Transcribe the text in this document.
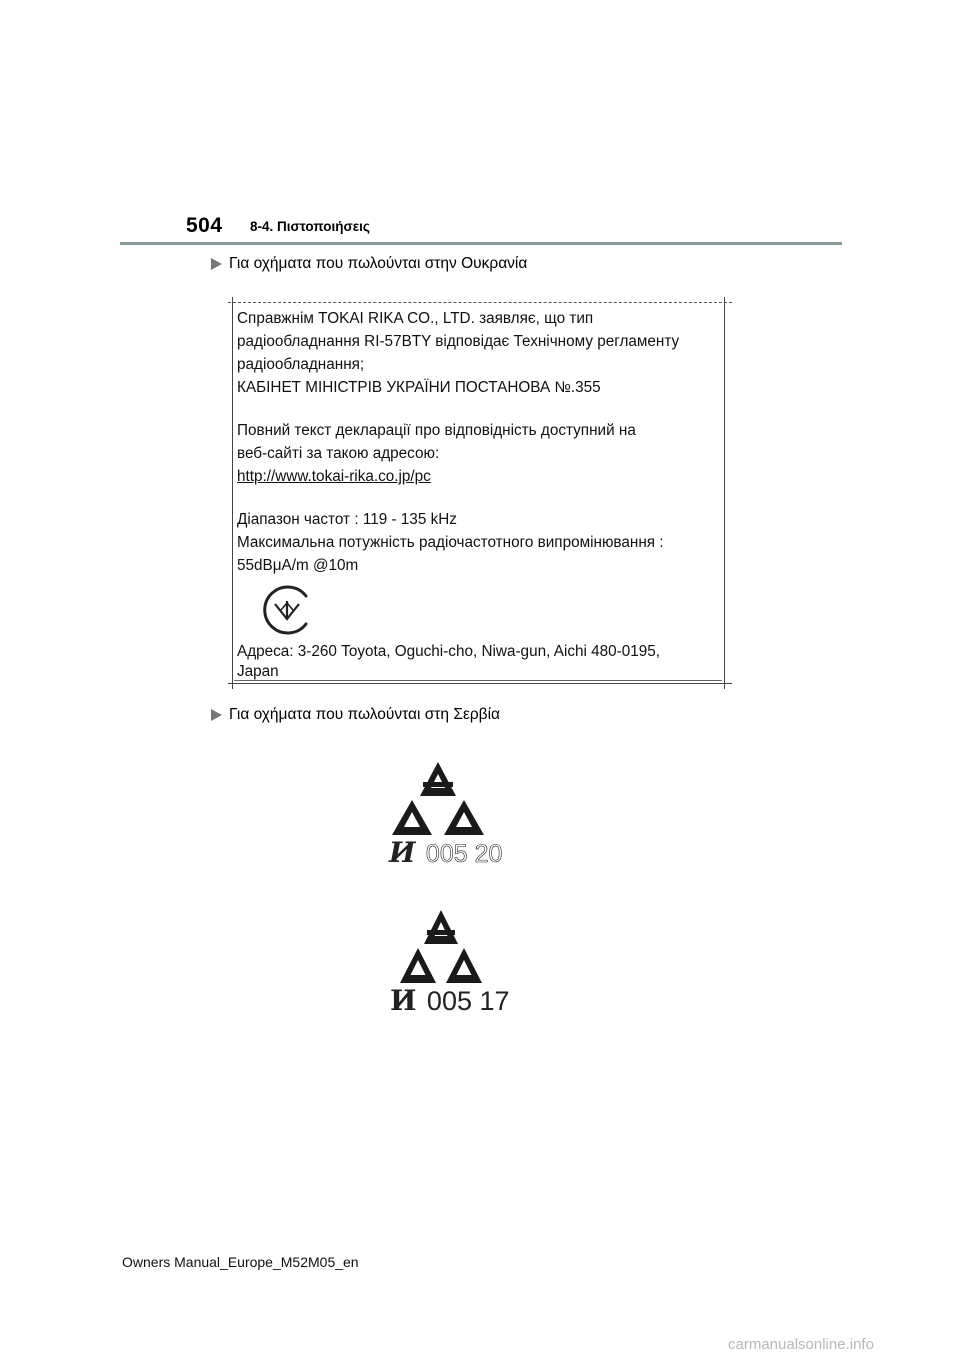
504 8-4. Πιστοποιήσεις
Για οχήματα που πωλούνται στην Ουκρανία
Справжнім TOKAI RIKA CO., LTD. заявляє, що тип
радіообладнання RI-57BTY відповідає Технічному регламенту
радіообладнання;
КАБІНЕТ МІНІСТРІВ УКРАЇНИ ПОСТАНОВА №.355
Повний текст декларації про відповідність доступний на
веб-сайті за такою адресою:
http://www.tokai-rika.co.jp/pc
Діапазон частот : 119 - 135 kHz
Максимальна потужність радіочастотного випромінювання :
55dBμA/m @10m
Адреса: 3-260 Toyota, Oguchi-cho, Niwa-gun, Aichi 480-0195,
Japan
Για οχήματα που πωλούνται στη Σερβία
И 005 20
И 005 17
Owners Manual_Europe_M52M05_en
carmanualsonline.info
